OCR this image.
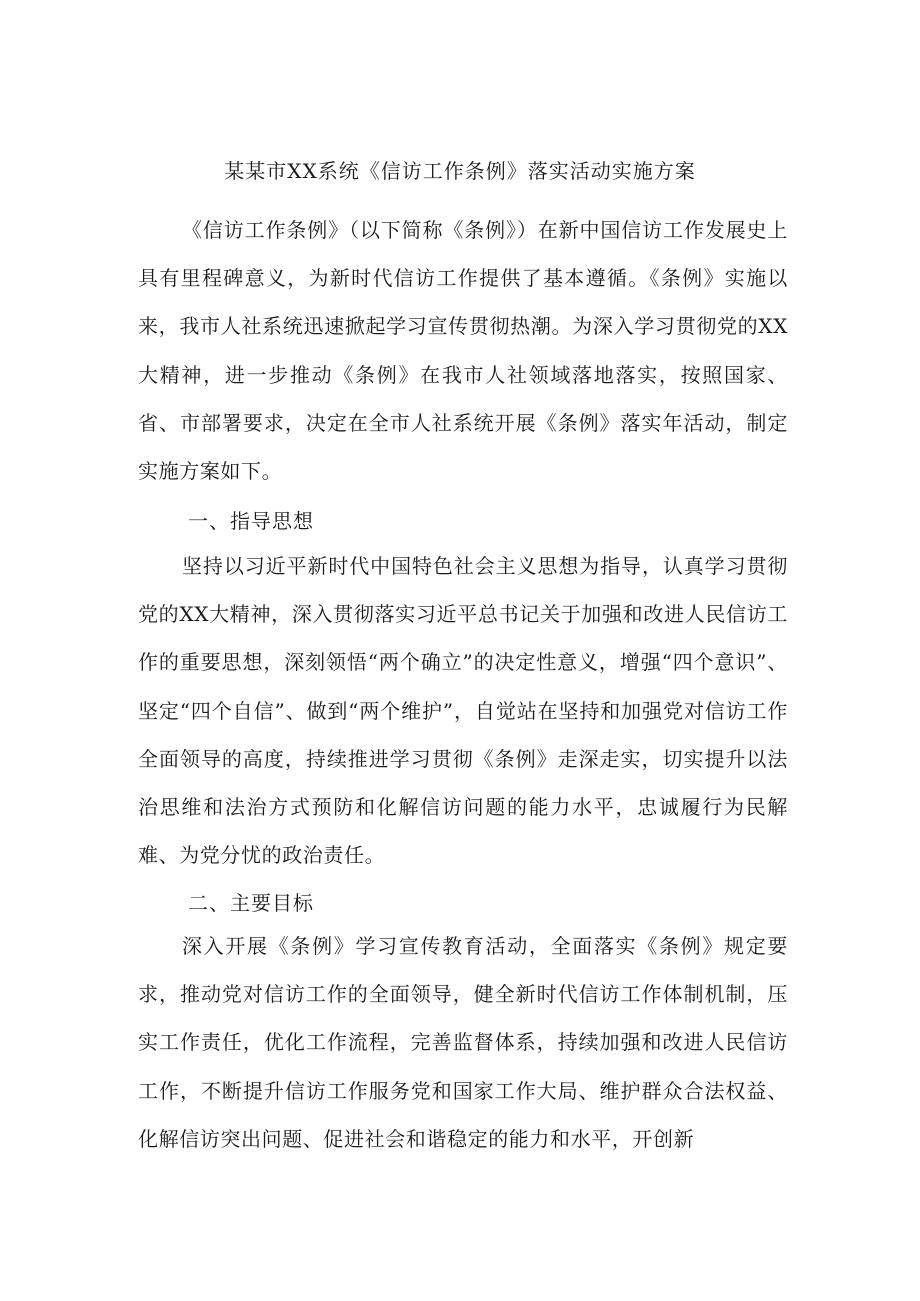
某某市XX系统《信访工作条例》落实活动实施方案
《信访工作条例》（以下简称《条例》）在新中国信访工作发展史上具有里程碑意义，为新时代信访工作提供了基本遵循。《条例》实施以来，我市人社系统迅速掀起学习宣传贯彻热潮。为深入学习贯彻党的XX大精神，进一步推动《条例》在我市人社领域落地落实，按照国家、省、市部署要求，决定在全市人社系统开展《条例》落实年活动，制定实施方案如下。
一、指导思想
坚持以习近平新时代中国特色社会主义思想为指导，认真学习贯彻党的XX大精神，深入贯彻落实习近平总书记关于加强和改进人民信访工作的重要思想，深刻领悟“两个确立”的决定性意义，增强“四个意识”、坚定“四个自信”、做到“两个维护”，自觉站在坚持和加强党对信访工作全面领导的高度，持续推进学习贯彻《条例》走深走实，切实提升以法治思维和法治方式预防和化解信访问题的能力水平，忠诚履行为民解难、为党分忧的政治责任。
二、主要目标
深入开展《条例》学习宣传教育活动，全面落实《条例》规定要求，推动党对信访工作的全面领导，健全新时代信访工作体制机制，压实工作责任，优化工作流程，完善监督体系，持续加强和改进人民信访工作，不断提升信访工作服务党和国家工作大局、维护群众合法权益、化解信访突出问题、促进社会和谐稳定的能力和水平，开创新
